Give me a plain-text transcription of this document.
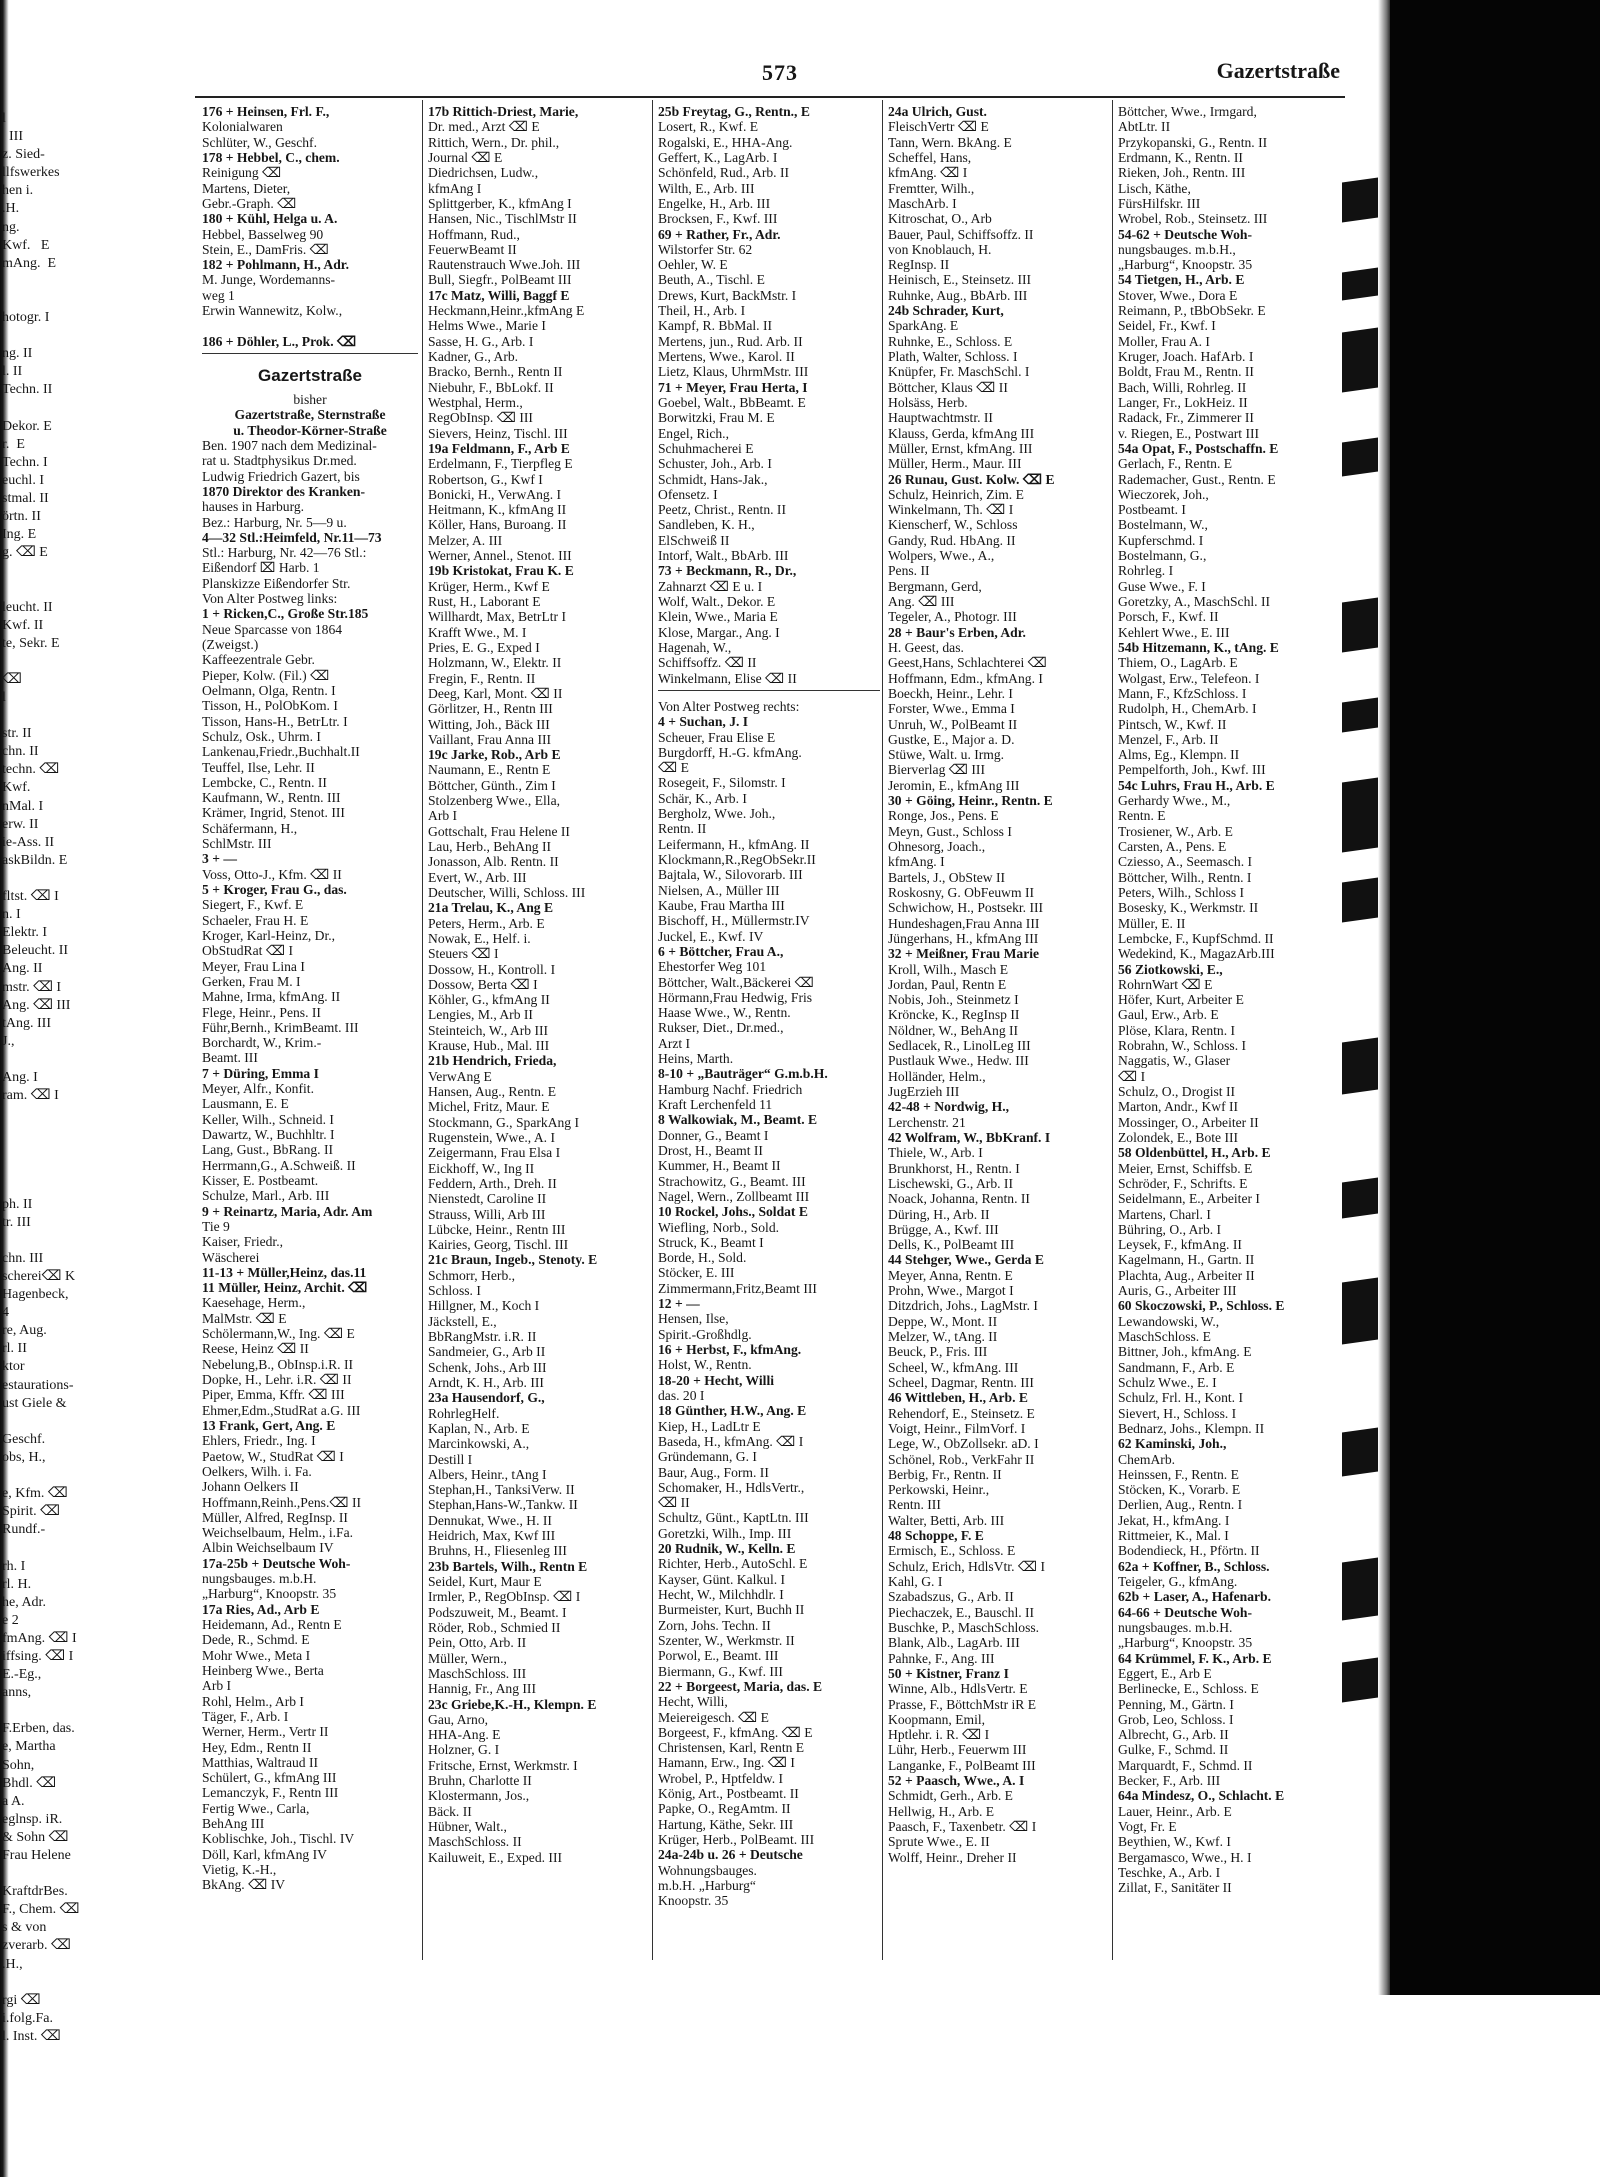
l
III
z. Sied-
llfswerkes
hen i.
.H.
ng.
Kwf.   E
mAng.  E
hotogr. I
ng. II
l. II
Techn. II
Dekor. E
r.  E
Techn. I
euchl. I
stmal. II
örtn. II
Ing. E
g. ⌫ E
leucht. II
Kwf. II
te, Sekr. E
⌫
l
str. II
chn. II
techn. ⌫
Kwf.
nMal. I
erw. II
ie-Ass. II
askBildn. E
fltst. ⌫ I
n. I
Elektr. I
Beleucht. II
Ang. II
mstr. ⌫ I
Ang. ⌫ III
tAng. III
J.,
Ang. I
ram. ⌫ I
ph. II
tr. III
chn. III
scherei⌫ K
Hagenbeck,
4
re, Aug.
rl. II
ktor
estaurations-
ust Giele &
Geschf.
obs, H.,
e, Kfm. ⌫
Spirit. ⌫
Rundf.-
rh. I
rl. H.
he, Adr.
e 2
fmAng. ⌫ I
iffsing. ⌫ I
E.-Eg.,
anns,
F.Erben, das.
e, Martha
Sohn,
Bhdl. ⌫
a A.
eglnsp. iR.
& Sohn ⌫
Frau Helene
KraftdrBes.
F., Chem. ⌫
s & von
zverarb. ⌫
.H.,
rgi ⌫
i.folg.Fa.
l. Inst. ⌫
573	Gazertstraße
176 + Heinsen, Frl. F.,
Kolonialwaren
Schlüter, W., Geschf.
178 + Hebbel, C., chem.
Reinigung ⌫
Martens, Dieter,
Gebr.-Graph. ⌫
180 + Kühl, Helga u. A.
Hebbel, Basselweg 90
Stein, E., DamFris. ⌫
182 + Pohlmann, H., Adr.
M. Junge, Wordemanns-
weg 1
Erwin Wannewitz, Kolw.,
186 + Döhler, L., Prok. ⌫
Gazertstraße
bisher
Gazertstraße, Sternstraße
u. Theodor-Körner-Straße
Ben. 1907 nach dem Medizinal-
rat u. Stadtphysikus Dr.med.
Ludwig Friedrich Gazert, bis
1870 Direktor des Kranken-
hauses in Harburg.
Bez.: Harburg, Nr. 5—9 u.
4—32 Stl.:Heimfeld, Nr.11—73
Stl.: Harburg, Nr. 42—76 Stl.:
Eißendorf ⌧ Harb. 1
Planskizze Eißendorfer Str.
Von Alter Postweg links:
1 + Ricken,C., Große Str.185
Neue Sparcasse von 1864
(Zweigst.)
Kaffeezentrale Gebr.
Pieper, Kolw. (Fil.) ⌫
Oelmann, Olga, Rentn. I
Tisson, H., PolObKom. I
Tisson, Hans-H., BetrLtr. I
Schulz, Osk., Uhrm. I
Lankenau,Friedr.,Buchhalt.II
Teuffel, Ilse, Lehr. II
Lembcke, C., Rentn. II
Kaufmann, W., Rentn. III
Krämer, Ingrid, Stenot. III
Schäfermann, H.,
SchlMstr. III
3 + —
Voss, Otto-J., Kfm. ⌫ II
5 + Kroger, Frau G., das.
Siegert, F., Kwf. E
Schaeler, Frau H. E
Kroger, Karl-Heinz, Dr.,
ObStudRat ⌫ I
Meyer, Frau Lina I
Gerken, Frau M. I
Mahne, Irma, kfmAng. II
Flege, Heinr., Pens. II
Führ,Bernh., KrimBeamt. III
Borchardt, W., Krim.-
Beamt. III
7 + Düring, Emma I
Meyer, Alfr., Konfit.
Lausmann, E. E
Keller, Wilh., Schneid. I
Dawartz, W., Buchhltr. I
Lang, Gust., BbRang. II
Herrmann,G., A.Schweiß. II
Kisser, E. Postbeamt.
Schulze, Marl., Arb. III
9 + Reinartz, Maria, Adr. Am
Tie 9
Kaiser, Friedr.,
Wäscherei
11-13 + Müller,Heinz, das.11
11 Müller, Heinz, Archit. ⌫
Kaesehage, Herm.,
MalMstr. ⌫ E
Schölermann,W., Ing. ⌫ E
Reese, Heinz ⌫ II
Nebelung,B., ObInsp.i.R. II
Dopke, H., Lehr. i.R. ⌫ II
Piper, Emma, Kffr. ⌫ III
Ehmer,Edm.,StudRat a.G. III
13 Frank, Gert, Ang. E
Ehlers, Friedr., Ing. I
Paetow, W., StudRat ⌫ I
Oelkers, Wilh. i. Fa.
Johann Oelkers II
Hoffmann,Reinh.,Pens.⌫ II
Müller, Alfred, RegInsp. II
Weichselbaum, Helm., i.Fa.
Albin Weichselbaum IV
17a-25b + Deutsche Woh-
nungsbauges. m.b.H.
„Harburg“, Knoopstr. 35
17a Ries, Ad., Arb E
Heidemann, Ad., Rentn E
Dede, R., Schmd. E
Mohr Wwe., Meta I
Heinberg Wwe., Berta
Arb I
Rohl, Helm., Arb I
Täger, F., Arb. I
Werner, Herm., Vertr II
Hey, Edm., Rentn II
Matthias, Waltraud II
Schülert, G., kfmAng III
Lemanczyk, F., Rentn III
Fertig Wwe., Carla,
BehAng III
Koblischke, Joh., Tischl. IV
Döll, Karl, kfmAng IV
Vietig, K.-H.,
BkAng. ⌫ IV
17b Rittich-Driest, Marie,
Dr. med., Arzt ⌫ E
Rittich, Wern., Dr. phil.,
Journal ⌫ E
Diedrichsen, Ludw.,
kfmAng I
Splittgerber, K., kfmAng I
Hansen, Nic., TischlMstr II
Hoffmann, Rud.,
FeuerwBeamt II
Rautenstrauch Wwe.Joh. III
Bull, Siegfr., PolBeamt III
17c Matz, Willi, Baggf E
Heckmann,Heinr.,kfmAng E
Helms Wwe., Marie I
Sasse, H. G., Arb. I
Kadner, G., Arb.
Bracko, Bernh., Rentn II
Niebuhr, F., BbLokf. II
Westphal, Herm.,
RegObInsp. ⌫ III
Sievers, Heinz, Tischl. III
19a Feldmann, F., Arb E
Erdelmann, F., Tierpfleg E
Robertson, G., Kwf I
Bonicki, H., VerwAng. I
Heitmann, K., kfmAng II
Köller, Hans, Buroang. II
Melzer, A. III
Werner, Annel., Stenot. III
19b Kristokat, Frau K. E
Krüger, Herm., Kwf E
Rust, H., Laborant E
Willhardt, Max, BetrLtr I
Krafft Wwe., M. I
Pries, E. G., Exped I
Holzmann, W., Elektr. II
Fregin, F., Rentn. II
Deeg, Karl, Mont. ⌫ II
Görlitzer, H., Rentn III
Witting, Joh., Bäck III
Vaillant, Frau Anna III
19c Jarke, Rob., Arb E
Naumann, E., Rentn E
Böttcher, Günth., Zim I
Stolzenberg Wwe., Ella,
Arb I
Gottschalt, Frau Helene II
Lau, Herb., BehAng II
Jonasson, Alb. Rentn. II
Evert, W., Arb. III
Deutscher, Willi, Schloss. III
21a Trelau, K., Ang E
Peters, Herm., Arb. E
Nowak, E., Helf. i.
Steuers ⌫ I
Dossow, H., Kontroll. I
Dossow, Berta ⌫ I
Köhler, G., kfmAng II
Lengies, M., Arb II
Steinteich, W., Arb III
Krause, Hub., Mal. III
21b Hendrich, Frieda,
VerwAng E
Hansen, Aug., Rentn. E
Michel, Fritz, Maur. E
Stockmann, G., SparkAng I
Rugenstein, Wwe., A. I
Zeigermann, Frau Elsa I
Eickhoff, W., Ing II
Feddern, Arth., Dreh. II
Nienstedt, Caroline II
Strauss, Willi, Arb III
Lübcke, Heinr., Rentn III
Kairies, Georg, Tischl. III
21c Braun, Ingeb., Stenoty. E
Schmorr, Herb.,
Schloss. I
Hillgner, M., Koch I
Jäckstell, E.,
BbRangMstr. i.R. II
Sandmeier, G., Arb II
Schenk, Johs., Arb III
Arndt, K. H., Arb. III
23a Hausendorf, G.,
RohrlegHelf.
Kaplan, N., Arb. E
Marcinkowski, A.,
Destill I
Albers, Heinr., tAng I
Stephan,H., TanksiVerw. II
Stephan,Hans-W.,Tankw. II
Dennukat, Wwe., H. II
Heidrich, Max, Kwf III
Bruhns, H., Fliesenleg III
23b Bartels, Wilh., Rentn E
Seidel, Kurt, Maur E
Irmler, P., RegObInsp. ⌫ I
Podszuweit, M., Beamt. I
Röder, Rob., Schmied II
Pein, Otto, Arb. II
Müller, Wern.,
MaschSchloss. III
Hannig, Fr., Ang III
23c Griebe,K.-H., Klempn. E
Gau, Arno,
HHA-Ang. E
Holzner, G. I
Fritsche, Ernst, Werkmstr. I
Bruhn, Charlotte II
Klostermann, Jos.,
Bäck. II
Hübner, Walt.,
MaschSchloss. II
Kailuweit, E., Exped. III
25b Freytag, G., Rentn., E
Losert, R., Kwf. E
Rogalski, E., HHA-Ang.
Geffert, K., LagArb. I
Schönfeld, Rud., Arb. II
Wilth, E., Arb. III
Engelke, H., Arb. III
Brocksen, F., Kwf. III
69 + Rather, Fr., Adr.
Wilstorfer Str. 62
Oehler, W. E
Beuth, A., Tischl. E
Drews, Kurt, BackMstr. I
Theil, H., Arb. I
Kampf, R. BbMal. II
Mertens, jun., Rud. Arb. II
Mertens, Wwe., Karol. II
Lietz, Klaus, UhrmMstr. III
71 + Meyer, Frau Herta, I
Goebel, Walt., BbBeamt. E
Borwitzki, Frau M. E
Engel, Rich.,
Schuhmacherei E
Schuster, Joh., Arb. I
Schmidt, Hans-Jak.,
Ofensetz. I
Peetz, Christ., Rentn. II
Sandleben, K. H.,
ElSchweiß II
Intorf, Walt., BbArb. III
73 + Beckmann, R., Dr.,
Zahnarzt ⌫ E u. I
Wolf, Walt., Dekor. E
Klein, Wwe., Maria E
Klose, Margar., Ang. I
Hagenah, W.,
Schiffsoffz. ⌫ II
Winkelmann, Elise ⌫ II
Von Alter Postweg rechts:
4 + Suchan, J. I
Scheuer, Frau Elise E
Burgdorff, H.-G. kfmAng.
⌫ E
Rosegeit, F., Silomstr. I
Schär, K., Arb. I
Bergholz, Wwe. Joh.,
Rentn. II
Leifermann, H., kfmAng. II
Klockmann,R.,RegObSekr.II
Bajtala, W., Silovorarb. III
Nielsen, A., Müller III
Kaube, Frau Martha III
Bischoff, H., Müllermstr.IV
Juckel, E., Kwf. IV
6 + Böttcher, Frau A.,
Ehestorfer Weg 101
Böttcher, Walt.,Bäckerei ⌫
Hörmann,Frau Hedwig, Fris
Haase Wwe., W., Rentn.
Rukser, Diet., Dr.med.,
Arzt I
Heins, Marth.
8-10 + „Bauträger“ G.m.b.H.
Hamburg Nachf. Friedrich
Kraft Lerchenfeld 11
8 Walkowiak, M., Beamt. E
Donner, G., Beamt I
Drost, H., Beamt II
Kummer, H., Beamt II
Strachowitz, G., Beamt. III
Nagel, Wern., Zollbeamt III
10 Rockel, Johs., Soldat E
Wiefling, Norb., Sold.
Struck, K., Beamt I
Borde, H., Sold.
Stöcker, E. III
Zimmermann,Fritz,Beamt III
12 + —
Hensen, Ilse,
Spirit.-Großhdlg.
16 + Herbst, F., kfmAng.
Holst, W., Rentn.
18-20 + Hecht, Willi
das. 20 I
18 Günther, H.W., Ang. E
Kiep, H., LadLtr E
Baseda, H., kfmAng. ⌫ I
Gründemann, G. I
Baur, Aug., Form. II
Schomaker, H., HdlsVertr.,
⌫ II
Schultz, Günt., KaptLtn. III
Goretzki, Wilh., Imp. III
20 Rudnik, W., Kelln. E
Richter, Herb., AutoSchl. E
Kayser, Günt. Kalkul. I
Hecht, W., Milchhdlr. I
Burmeister, Kurt, Buchh II
Zorn, Johs. Techn. II
Szenter, W., Werkmstr. II
Porwol, E., Beamt. III
Biermann, G., Kwf. III
22 + Borgeest, Maria, das. E
Hecht, Willi,
Meiereigesch. ⌫ E
Borgeest, F., kfmAng. ⌫ E
Christensen, Karl, Rentn E
Hamann, Erw., Ing. ⌫ I
Wrobel, P., Hptfeldw. I
König, Art., Postbeamt. II
Papke, O., RegAmtm. II
Hartung, Käthe, Sekr. III
Krüger, Herb., PolBeamt. III
24a-24b u. 26 + Deutsche
Wohnungsbauges.
m.b.H. „Harburg“
Knoopstr. 35
24a Ulrich, Gust.
FleischVertr ⌫ E
Tann, Wern. BkAng. E
Scheffel, Hans,
kfmAng. ⌫ I
Fremtter, Wilh.,
MaschArb. I
Kitroschat, O., Arb
Bauer, Paul, Schiffsoffz. II
von Knoblauch, H.
RegInsp. II
Heinisch, E., Steinsetz. III
Ruhnke, Aug., BbArb. III
24b Schrader, Kurt,
SparkAng. E
Ruhnke, E., Schloss. E
Plath, Walter, Schloss. I
Knüpfer, Fr. MaschSchl. I
Böttcher, Klaus ⌫ II
Holsäss, Herb.
Hauptwachtmstr. II
Klauss, Gerda, kfmAng III
Müller, Ernst, kfmAng. III
Müller, Herm., Maur. III
26 Runau, Gust. Kolw. ⌫ E
Schulz, Heinrich, Zim. E
Winkelmann, Th. ⌫ I
Kienscherf, W., Schloss
Gandy, Rud. HbAng. II
Wolpers, Wwe., A.,
Pens. II
Bergmann, Gerd,
Ang. ⌫ III
Tegeler, A., Photogr. III
28 + Baur's Erben, Adr.
H. Geest, das.
Geest,Hans, Schlachterei ⌫
Hoffmann, Edm., kfmAng. I
Boeckh, Heinr., Lehr. I
Forster, Wwe., Emma I
Unruh, W., PolBeamt II
Gustke, E., Major a. D.
Stüwe, Walt. u. Irmg.
Bierverlag ⌫ III
Jeromin, E., kfmAng III
30 + Göing, Heinr., Rentn. E
Ronge, Jos., Pens. E
Meyn, Gust., Schloss I
Ohnesorg, Joach.,
kfmAng. I
Bartels, J., ObStew II
Roskosny, G. ObFeuwm II
Schwichow, H., Postsekr. III
Hundeshagen,Frau Anna III
Jüngerhans, H., kfmAng III
32 + Meißner, Frau Marie
Kroll, Wilh., Masch E
Jordan, Paul, Rentn E
Nobis, Joh., Steinmetz I
Kröncke, K., RegInsp II
Nöldner, W., BehAng II
Sedlacek, R., LinolLeg III
Pustlauk Wwe., Hedw. III
Holländer, Helm.,
JugErzieh III
42-48 + Nordwig, H.,
Lerchenstr. 21
42 Wolfram, W., BbKranf. I
Thiele, W., Arb. I
Brunkhorst, H., Rentn. I
Lischewski, G., Arb. II
Noack, Johanna, Rentn. II
Düring, H., Arb. II
Brügge, A., Kwf. III
Dells, K., PolBeamt III
44 Stehger, Wwe., Gerda E
Meyer, Anna, Rentn. E
Prohn, Wwe., Margot I
Ditzdrich, Johs., LagMstr. I
Deppe, W., Mont. II
Melzer, W., tAng. II
Beuck, P., Fris. III
Scheel, W., kfmAng. III
Scheel, Dagmar, Rentn. III
46 Wittleben, H., Arb. E
Rehendorf, E., Steinsetz. E
Voigt, Heinr., FilmVorf. I
Lege, W., ObZollsekr. aD. I
Schönel, Rob., VerkFahr II
Berbig, Fr., Rentn. II
Perkowski, Heinr.,
Rentn. III
Walter, Betti, Arb. III
48 Schoppe, F. E
Ermisch, E., Schloss. E
Schulz, Erich, HdlsVtr. ⌫ I
Kahl, G. I
Szabadszus, G., Arb. II
Piechaczek, E., Bauschl. II
Buschke, P., MaschSchloss.
Blank, Alb., LagArb. III
Pahnke, F., Ang. III
50 + Kistner, Franz I
Winne, Alb., HdlsVertr. E
Prasse, F., BöttchMstr iR E
Koopmann, Emil,
Hptlehr. i. R. ⌫ I
Lühr, Herb., Feuerwm III
Langanke, F., PolBeamt III
52 + Paasch, Wwe., A. I
Schmidt, Gerh., Arb. E
Hellwig, H., Arb. E
Paasch, F., Taxenbetr. ⌫ I
Sprute Wwe., E. II
Wolff, Heinr., Dreher II
Böttcher, Wwe., Irmgard,
AbtLtr. II
Przykopanski, G., Rentn. II
Erdmann, K., Rentn. II
Rieken, Joh., Rentn. III
Lisch, Käthe,
FürsHilfskr. III
Wrobel, Rob., Steinsetz. III
54-62 + Deutsche Woh-
nungsbauges. m.b.H.,
„Harburg“, Knoopstr. 35
54 Tietgen, H., Arb. E
Stover, Wwe., Dora E
Reimann, P., tBbObSekr. E
Seidel, Fr., Kwf. I
Moller, Frau A. I
Kruger, Joach. HafArb. I
Boldt, Frau M., Rentn. II
Bach, Willi, Rohrleg. II
Langer, Fr., LokHeiz. II
Radack, Fr., Zimmerer II
v. Riegen, E., Postwart III
54a Opat, F., Postschaffn. E
Gerlach, F., Rentn. E
Rademacher, Gust., Rentn. E
Wieczorek, Joh.,
Postbeamt. I
Bostelmann, W.,
Kupferschmd. I
Bostelmann, G.,
Rohrleg. I
Guse Wwe., F. I
Goretzky, A., MaschSchl. II
Porsch, F., Kwf. II
Kehlert Wwe., E. III
54b Hitzemann, K., tAng. E
Thiem, O., LagArb. E
Wolgast, Erw., Telefeon. I
Mann, F., KfzSchloss. I
Rudolph, H., ChemArb. I
Pintsch, W., Kwf. II
Menzel, F., Arb. II
Alms, Eg., Klempn. II
Pempelforth, Joh., Kwf. III
54c Luhrs, Frau H., Arb. E
Gerhardy Wwe., M.,
Rentn. E
Trosiener, W., Arb. E
Carsten, A., Pens. E
Cziesso, A., Seemasch. I
Böttcher, Wilh., Rentn. I
Peters, Wilh., Schloss I
Bosesky, K., Werkmstr. II
Müller, E. II
Lembcke, F., KupfSchmd. II
Wedekind, K., MagazArb.III
56 Ziotkowski, E.,
RohrnWart ⌫ E
Höfer, Kurt, Arbeiter E
Gaul, Erw., Arb. E
Plöse, Klara, Rentn. I
Robrahn, W., Schloss. I
Naggatis, W., Glaser
⌫ I
Schulz, O., Drogist II
Marton, Andr., Kwf II
Mossinger, O., Arbeiter II
Zolondek, E., Bote III
58 Oldenbüttel, H., Arb. E
Meier, Ernst, Schiffsb. E
Schröder, F., Schrifts. E
Seidelmann, E., Arbeiter I
Martens, Charl. I
Bühring, O., Arb. I
Leysek, F., kfmAng. II
Kagelmann, H., Gartn. II
Plachta, Aug., Arbeiter II
Auris, G., Arbeiter III
60 Skoczowski, P., Schloss. E
Lewandowski, W.,
MaschSchloss. E
Bittner, Joh., kfmAng. E
Sandmann, F., Arb. E
Schulz Wwe., E. I
Schulz, Frl. H., Kont. I
Sievert, H., Schloss. I
Bednarz, Johs., Klempn. II
62 Kaminski, Joh.,
ChemArb.
Heinssen, F., Rentn. E
Stöcken, K., Vorarb. E
Derlien, Aug., Rentn. I
Jekat, H., kfmAng. I
Rittmeier, K., Mal. I
Bodendieck, H., Pförtn. II
62a + Koffner, B., Schloss.
Teigeler, G., kfmAng.
62b + Laser, A., Hafenarb.
64-66 + Deutsche Woh-
nungsbauges. m.b.H.
„Harburg“, Knoopstr. 35
64 Krümmel, F. K., Arb. E
Eggert, E., Arb E
Berlinecke, E., Schloss. E
Penning, M., Gärtn. I
Grob, Leo, Schloss. I
Albrecht, G., Arb. II
Gulke, F., Schmd. II
Marquardt, F., Schmd. II
Becker, F., Arb. III
64a Mindesz, O., Schlacht. E
Lauer, Heinr., Arb. E
Vogt, Fr. E
Beythien, W., Kwf. I
Bergamasco, Wwe., H. I
Teschke, A., Arb. I
Zillat, F., Sanitäter II
